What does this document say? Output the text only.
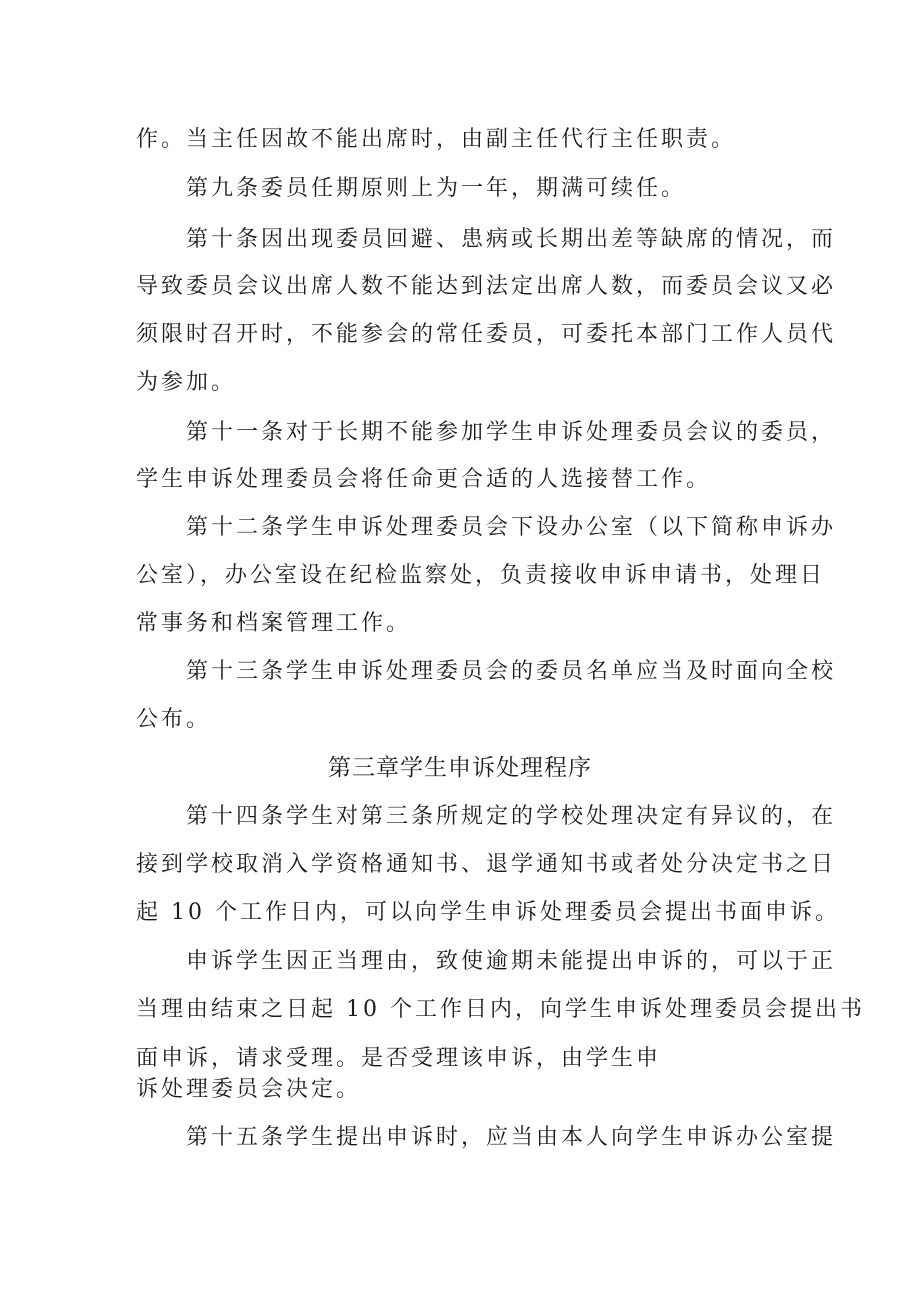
作。当主任因故不能出席时，由副主任代行主任职责。
第九条委员任期原则上为一年，期满可续任。
第十条因出现委员回避、患病或长期出差等缺席的情况，而
导致委员会议出席人数不能达到法定出席人数，而委员会议又必
须限时召开时，不能参会的常任委员，可委托本部门工作人员代
为参加。
第十一条对于长期不能参加学生申诉处理委员会议的委员，
学生申诉处理委员会将任命更合适的人选接替工作。
第十二条学生申诉处理委员会下设办公室（以下简称申诉办
公室），办公室设在纪检监察处，负责接收申诉申请书，处理日
常事务和档案管理工作。
第十三条学生申诉处理委员会的委员名单应当及时面向全校
公布。
第三章学生申诉处理程序
第十四条学生对第三条所规定的学校处理决定有异议的，在
接到学校取消入学资格通知书、退学通知书或者处分决定书之日
起 10 个工作日内，可以向学生申诉处理委员会提出书面申诉。
申诉学生因正当理由，致使逾期未能提出申诉的，可以于正
当理由结束之日起 10 个工作日内，向学生申诉处理委员会提出书
面申诉，请求受理。是否受理该申诉，由学生申
诉处理委员会决定。
第十五条学生提出申诉时，应当由本人向学生申诉办公室提
